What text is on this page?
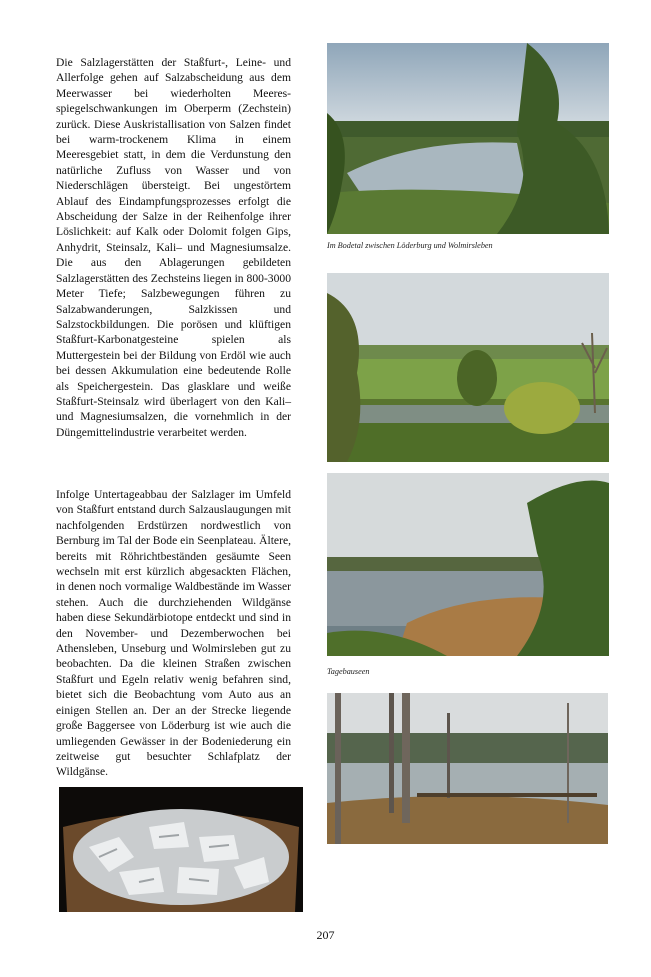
Die Salzlagerstätten der Staßfurt-, Leine- und Allerfolge gehen auf Salzabscheidung aus dem Meerwasser bei wiederholten Meeresspiegelschwankungen im Oberperm (Zechstein) zurück. Diese Auskristallisation von Salzen findet bei warm-trockenem Klima in einem Meeresgebiet statt, in dem die Verdunstung den natürliche Zufluss von Wasser und von Niederschlägen übersteigt. Bei ungestörtem Ablauf des Eindampfungsprozesses erfolgt die Abscheidung der Salze in der Reihenfolge ihrer Löslichkeit: auf Kalk oder Dolomit folgen Gips, Anhydrit, Steinsalz, Kali– und Magnesiumsalze. Die aus den Ablagerungen gebildeten Salzlagerstätten des Zechsteins liegen in 800-3000 Meter Tiefe; Salzbewegungen führen zu Salzabwanderungen, Salzkissen und Salzstockbildungen. Die porösen und klüftigen Staßfurt-Karbonatgesteine spielen als Muttergestein bei der Bildung von Erdöl wie auch bei dessen Akkumulation eine bedeutende Rolle als Speichergestein. Das glasklare und weiße Staßfurt-Steinsalz wird überlagert von den Kali– und Magnesiumsalzen, die vornehmlich in der Düngemittelindustrie verarbeitet werden.

Infolge Untertageabbau der Salzlager im Umfeld von Staßfurt entstand durch Salzauslaugungen mit nachfolgenden Erdstürzen nordwestlich von Bernburg im Tal der Bode ein Seenplateau. Ältere, bereits mit Röhrichtbeständen gesäumte Seen wechseln mit erst kürzlich abgesackten Flächen, in denen noch vormalige Waldbestände im Wasser stehen. Auch die durchziehenden Wildgänse haben diese Sekundärbiotope entdeckt und sind in den November- und Dezemberwochen bei Athensleben, Unseburg und Wolmirsleben gut zu beobachten. Da die kleinen Straßen zwischen Staßfurt und Egeln relativ wenig befahren sind, bietet sich die Beobachtung vom Auto aus an einigen Stellen an. Der an der Strecke liegende große Baggersee von Löderburg ist wie auch die umliegenden Gewässer in der Bodeniederung ein zeitweise gut besuchter Schlafplatz der Wildgänse.

Im Bodetal zwischen Löderburg und Wolmirsleben
Tagebauseen
207
